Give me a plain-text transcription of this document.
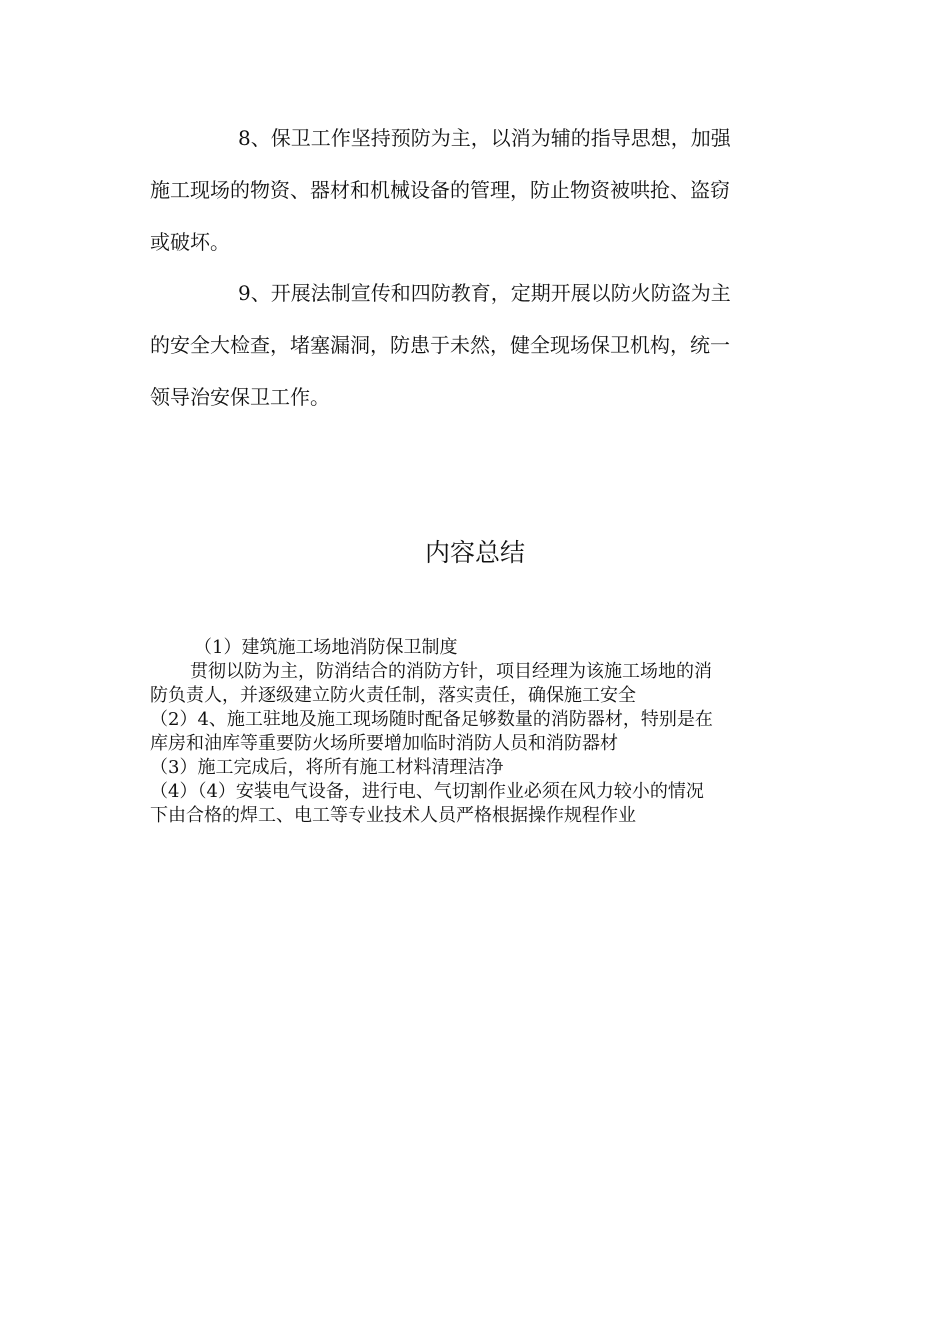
8、保卫工作坚持预防为主，以消为辅的指导思想，加强
施工现场的物资、器材和机械设备的管理，防止物资被哄抢、盗窃
或破坏。

9、开展法制宣传和四防教育，定期开展以防火防盗为主
的安全大检查，堵塞漏洞，防患于未然，健全现场保卫机构，统一
领导治安保卫工作。

内容总结
（1）建筑施工场地消防保卫制度
贯彻以防为主，防消结合的消防方针，项目经理为该施工场地的消
防负责人，并逐级建立防火责任制，落实责任，确保施工安全
（2）4、施工驻地及施工现场随时配备足够数量的消防器材，特别是在
库房和油库等重要防火场所要增加临时消防人员和消防器材
（3）施工完成后，将所有施工材料清理洁净
（4）（4）安装电气设备，进行电、气切割作业必须在风力较小的情况
下由合格的焊工、电工等专业技术人员严格根据操作规程作业
